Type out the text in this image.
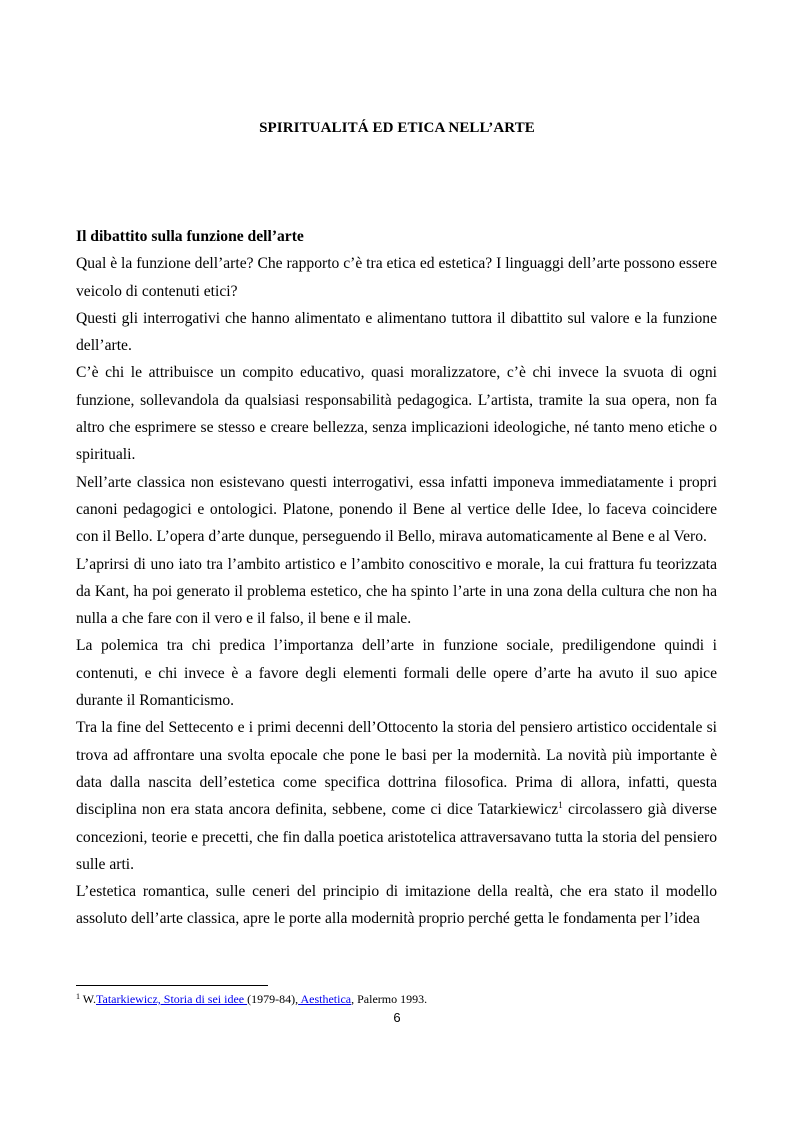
SPIRITUALITÁ ED ETICA NELL’ARTE

Il dibattito sulla funzione dell’arte

Qual è la funzione dell’arte? Che rapporto c’è tra etica ed estetica? I linguaggi dell’arte possono essere veicolo di contenuti etici?

Questi gli interrogativi che hanno alimentato e alimentano tuttora il dibattito sul valore e la funzione dell’arte.

C’è chi le attribuisce un compito educativo, quasi moralizzatore, c’è chi invece la svuota di ogni funzione, sollevandola da qualsiasi responsabilità pedagogica. L’artista, tramite la sua opera, non fa altro che esprimere se stesso e creare bellezza, senza implicazioni ideologiche, né tanto meno etiche o spirituali.

Nell’arte classica non esistevano questi interrogativi, essa infatti imponeva immediatamente i propri canoni pedagogici e ontologici. Platone, ponendo il Bene al vertice delle Idee, lo faceva coincidere con il Bello. L’opera d’arte dunque, perseguendo il Bello, mirava automaticamente al Bene e al Vero.

L’aprirsi di uno iato tra l’ambito artistico e l’ambito conoscitivo e morale, la cui frattura fu teorizzata da Kant, ha poi generato il problema estetico, che ha spinto l’arte in una zona della cultura che non ha nulla a che fare con il vero e il falso, il bene e il male.

La polemica tra chi predica l’importanza dell’arte in funzione sociale, prediligendone quindi i contenuti, e chi invece è a favore degli elementi formali delle opere d’arte ha avuto il suo apice durante il Romanticismo.

Tra la fine del Settecento e i primi decenni dell’Ottocento la storia del pensiero artistico occidentale si trova ad affrontare una svolta epocale che pone le basi per la modernità. La novità più importante è data dalla nascita dell’estetica come specifica dottrina filosofica. Prima di allora, infatti, questa disciplina non era stata ancora definita, sebbene, come ci dice Tatarkiewicz$^1$ circolassero già diverse concezioni, teorie e precetti, che fin dalla poetica aristotelica attraversavano tutta la storia del pensiero sulle arti.

L’estetica romantica, sulle ceneri del principio di imitazione della realtà, che era stato il modello assoluto dell’arte classica, apre le porte alla modernità proprio perché getta le fondamenta per l’idea

$^1$ W.Tatarkiewicz, Storia di sei idee (1979-84), Aesthetica, Palermo 1993.
6
